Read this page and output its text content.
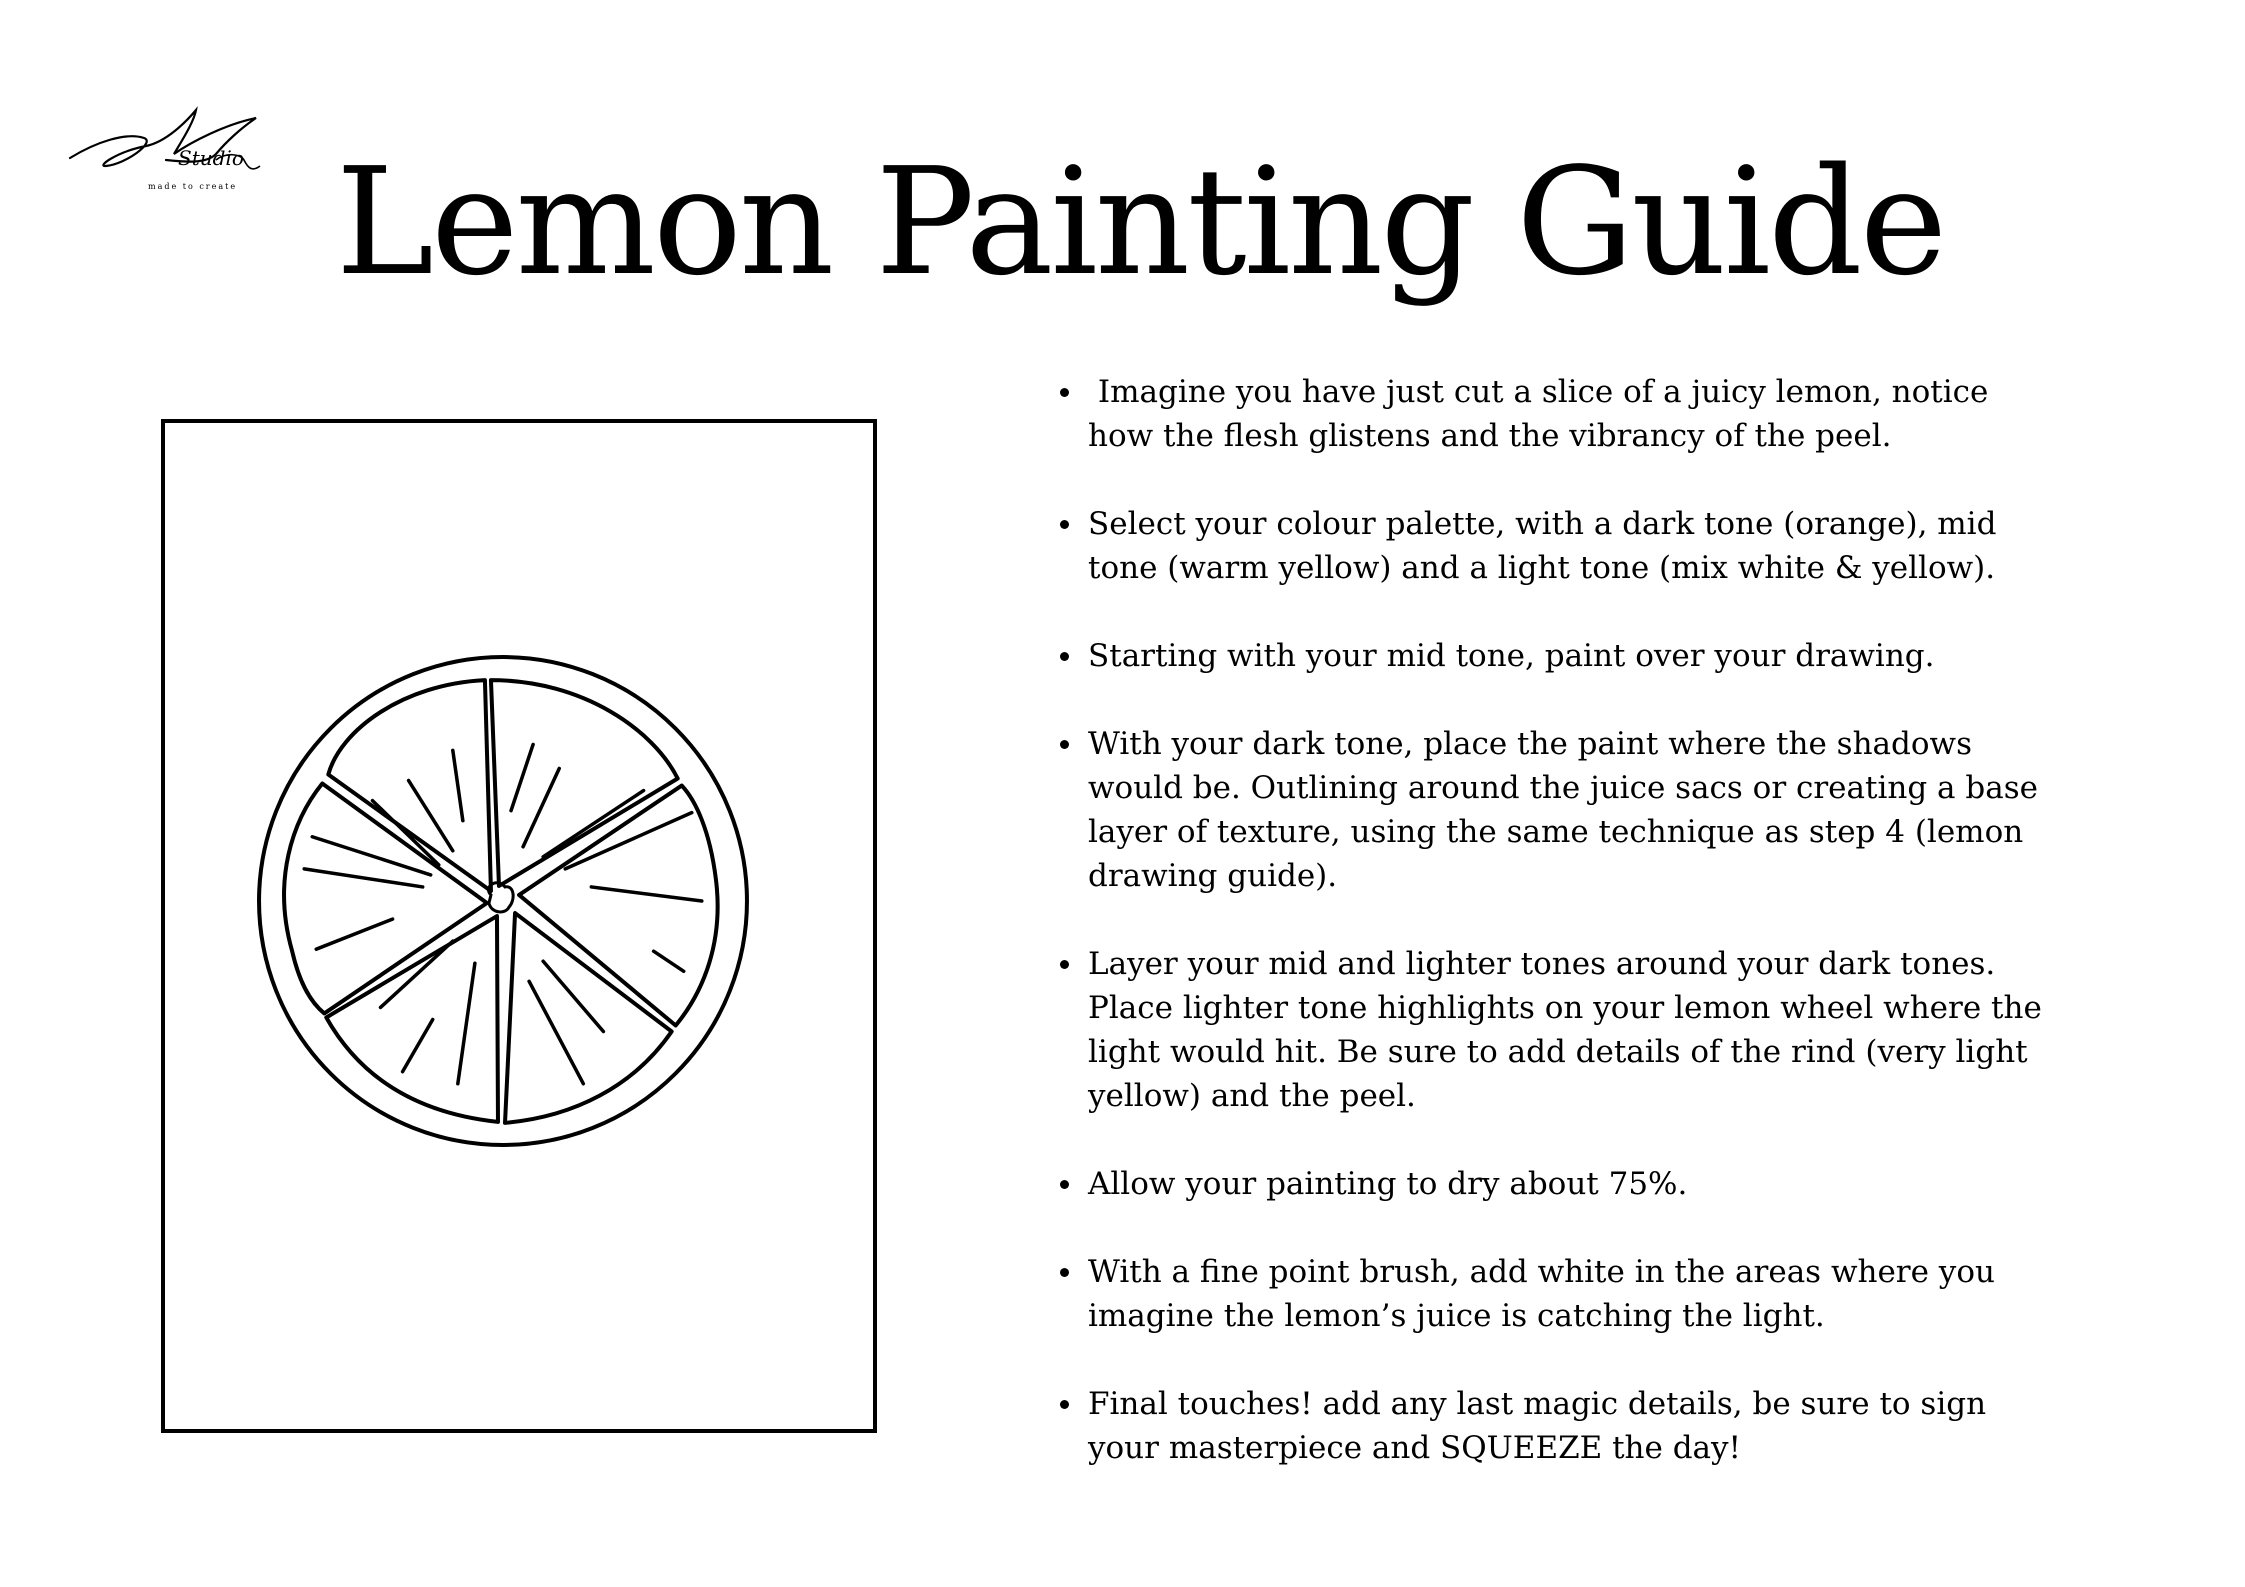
Studio
made to create Lemon Painting Guide
Imagine you have just cut a slice of a juicy lemon, notice how the flesh glistens and the vibrancy of the peel.
Select your colour palette, with a dark tone (orange), mid tone (warm yellow) and a light tone (mix white & yellow).
Starting with your mid tone, paint over your drawing.
With your dark tone, place the paint where the shadows would be. Outlining around the juice sacs or creating a base layer of texture, using the same technique as step 4 (lemon drawing guide).
Layer your mid and lighter tones around your dark tones. Place lighter tone highlights on your lemon wheel where the light would hit. Be sure to add details of the rind (very light yellow) and the peel.
Allow your painting to dry about 75%.
With a fine point brush, add white in the areas where you imagine the lemon’s juice is catching the light.
Final touches! add any last magic details, be sure to sign your masterpiece and SQUEEZE the day!
